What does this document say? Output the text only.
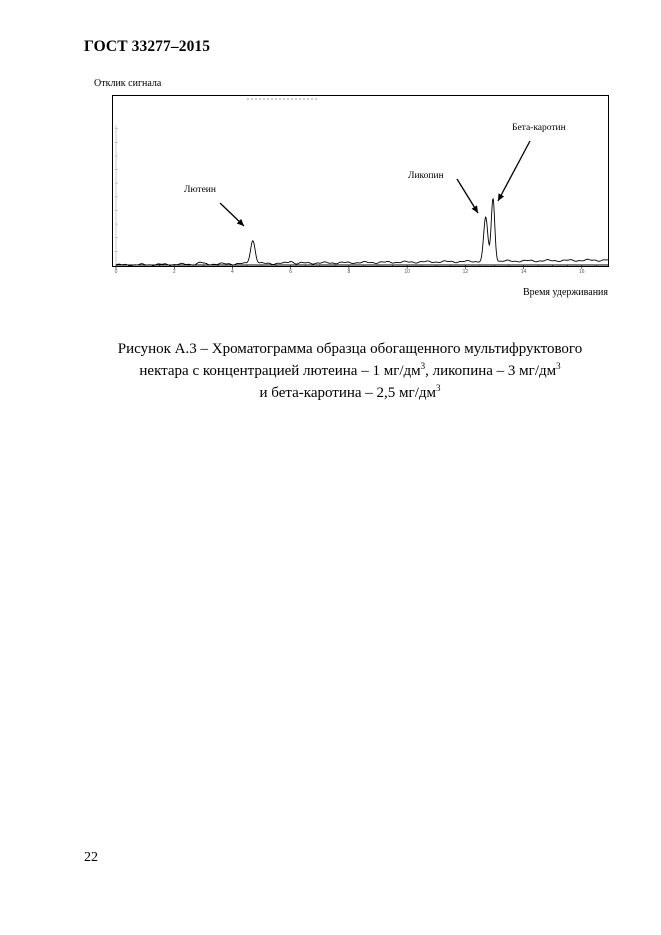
ГОСТ 33277–2015
Отклик сигнала
0	2	4	6	8	10	12	14	16
Лютеин
Ликопин
Бета-каротин
Время удерживания
Рисунок А.3 – Хроматограмма образца обогащенного мультифруктового
нектара с концентрацией лютеина – 1 $мг/дм^3$, ликопина – 3 $мг/дм^3$
и бета-каротина – 2,5 $мг/дм^3$
22
